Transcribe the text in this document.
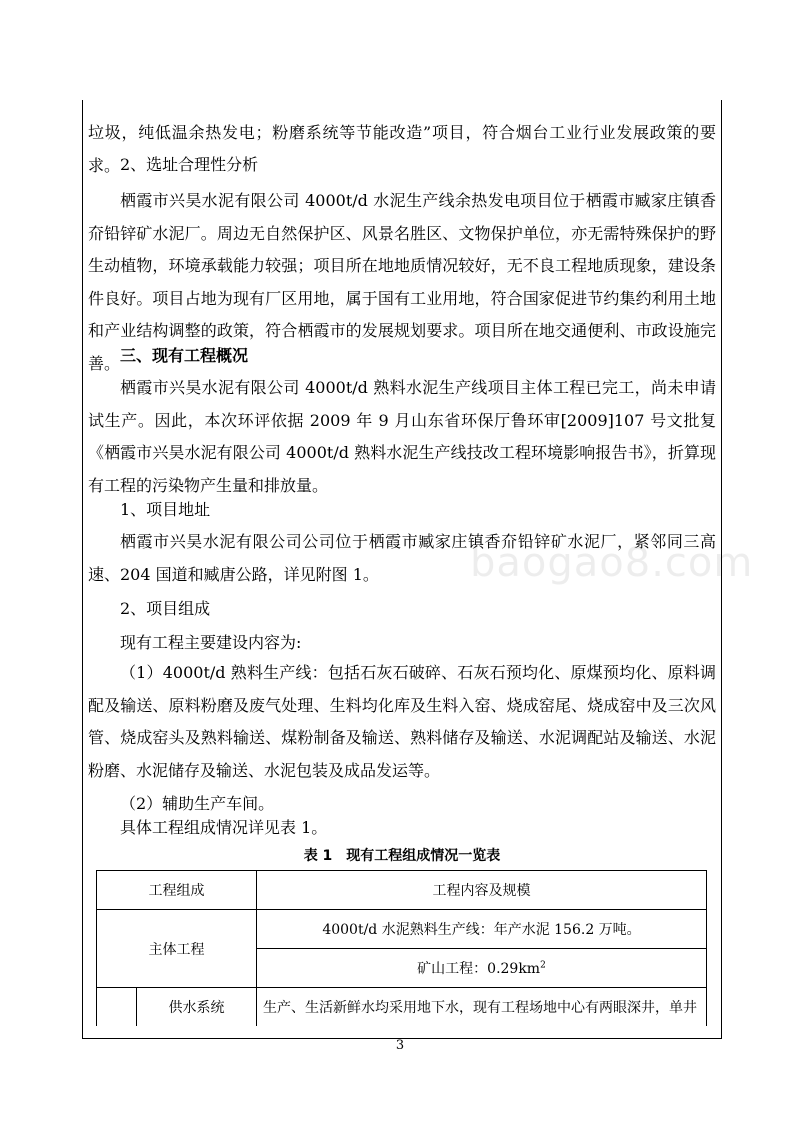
垃圾，纯低温余热发电；粉磨系统等节能改造”项目，符合烟台工业行业发展政策的要求。 2、选址合理性分析

栖霞市兴昊水泥有限公司 4000t/d 水泥生产线余热发电项目位于栖霞市臧家庄镇香夼铅锌矿水泥厂。周边无自然保护区、风景名胜区、文物保护单位，亦无需特殊保护的野生动植物，环境承载能力较强；项目所在地地质情况较好，无不良工程地质现象，建设条件良好。项目占地为现有厂区用地，属于国有工业用地，符合国家促进节约集约利用土地和产业结构调整的政策，符合栖霞市的发展规划要求。项目所在地交通便利、市政设施完善。 三、现有工程概况

栖霞市兴昊水泥有限公司 4000t/d 熟料水泥生产线项目主体工程已完工，尚未申请试生产。因此，本次环评依据 2009 年 9 月山东省环保厅鲁环审[2009]107 号文批复《栖霞市兴昊水泥有限公司 4000t/d 熟料水泥生产线技改工程环境影响报告书》，折算现有工程的污染物产生量和排放量。

1、项目地址

栖霞市兴昊水泥有限公司公司位于栖霞市臧家庄镇香夼铅锌矿水泥厂，紧邻同三高速、204 国道和臧唐公路，详见附图 1。

2、项目组成

现有工程主要建设内容为:

（1）4000t/d 熟料生产线：包括石灰石破碎、石灰石预均化、原煤预均化、原料调配及输送、原料粉磨及废气处理、生料均化库及生料入窑、烧成窑尾、烧成窑中及三次风管、烧成窑头及熟料输送、煤粉制备及输送、熟料储存及输送、水泥调配站及输送、水泥粉磨、水泥储存及输送、水泥包装及成品发运等。

（2）辅助生产车间。

具体工程组成情况详见表 1。

baogao8.com
表 1　现有工程组成情况一览表
工程组成		工程内容及规模
主体工程		4000t/d 水泥熟料生产线：年产水泥 156.2 万吨。
		矿山工程：$0.29km^2$
	供水系统	生产、生活新鲜水均采用地下水，现有工程场地中心有两眼深井，单井
3
